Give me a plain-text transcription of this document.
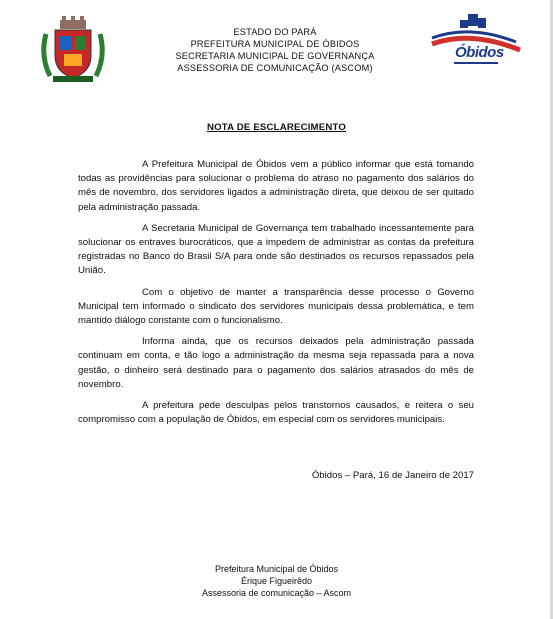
Óbidos
ESTADO DO PARÁ
PREFEITURA MUNICIPAL DE ÓBIDOS
SECRETARIA MUNICIPAL DE GOVERNANÇA
ASSESSORIA DE COMUNICAÇÃO (ASCOM)
NOTA DE ESCLARECIMENTO

A Prefeitura Municipal de Óbidos vem a público informar que está tomando todas as providências para solucionar o problema do atraso no pagamento dos salários do mês de novembro, dos servidores ligados a administração direta, que deixou de ser quitado pela administração passada.

A Secretaria Municipal de Governança tem trabalhado incessantemente para solucionar os entraves burocráticos, que a impedem de administrar as contas da prefeitura registradas no Banco do Brasil S/A para onde são destinados os recursos repassados pela União.

Com o objetivo de manter a transparência desse processo o Governo Municipal tem informado o sindicato dos servidores municipais dessa problemática, e tem mantido diálogo constante com o funcionalismo.

Informa ainda, que os recursos deixados pela administração passada continuam em conta, e tão logo a administração da mesma seja repassada para a nova gestão, o dinheiro será destinado para o pagamento dos salários atrasados do mês de novembro.

A prefeitura pede desculpas pelos transtornos causados, e reitera o seu compromisso com a população de Óbidos, em especial com os servidores municipais.

Óbidos – Pará, 16 de Janeiro de 2017
Prefeitura Municipal de Óbidos
Érique Figueirêdo
Assessoria de comunicação – Ascom
